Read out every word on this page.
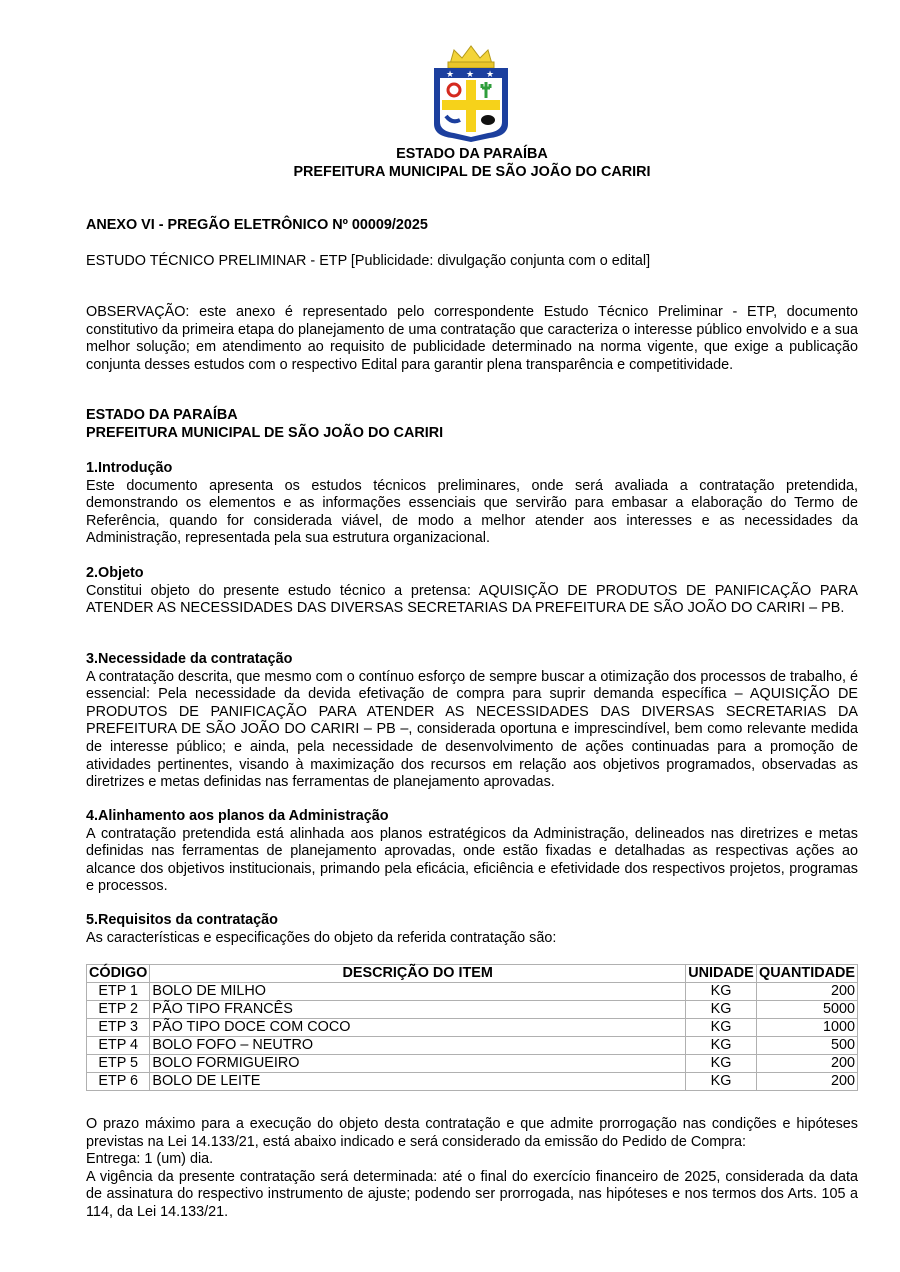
★ ★ ★
ESTADO DA PARAÍBA
PREFEITURA MUNICIPAL DE SÃO JOÃO DO CARIRI
ANEXO VI - PREGÃO ELETRÔNICO Nº 00009/2025
ESTUDO TÉCNICO PRELIMINAR - ETP [Publicidade: divulgação conjunta com o edital]
OBSERVAÇÃO: este anexo é representado pelo correspondente Estudo Técnico Preliminar - ETP, documento constitutivo da primeira etapa do planejamento de uma contratação que caracteriza o interesse público envolvido e a sua melhor solução; em atendimento ao requisito de publicidade determinado na norma vigente, que exige a publicação conjunta desses estudos com o respectivo Edital para garantir plena transparência e competitividade.
ESTADO DA PARAÍBA
PREFEITURA MUNICIPAL DE SÃO JOÃO DO CARIRI
1.Introdução
Este documento apresenta os estudos técnicos preliminares, onde será avaliada a contratação pretendida, demonstrando os elementos e as informações essenciais que servirão para embasar a elaboração do Termo de Referência, quando for considerada viável, de modo a melhor atender aos interesses e as necessidades da Administração, representada pela sua estrutura organizacional.
2.Objeto
Constitui objeto do presente estudo técnico a pretensa: AQUISIÇÃO DE PRODUTOS DE PANIFICAÇÃO PARA ATENDER AS NECESSIDADES DAS DIVERSAS SECRETARIAS DA PREFEITURA DE SÃO JOÃO DO CARIRI – PB.
3.Necessidade da contratação
A contratação descrita, que mesmo com o contínuo esforço de sempre buscar a otimização dos processos de trabalho, é essencial: Pela necessidade da devida efetivação de compra para suprir demanda específica – AQUISIÇÃO DE PRODUTOS DE PANIFICAÇÃO PARA ATENDER AS NECESSIDADES DAS DIVERSAS SECRETARIAS DA PREFEITURA DE SÃO JOÃO DO CARIRI – PB –, considerada oportuna e imprescindível, bem como relevante medida de interesse público; e ainda, pela necessidade de desenvolvimento de ações continuadas para a promoção de atividades pertinentes, visando à maximização dos recursos em relação aos objetivos programados, observadas as diretrizes e metas definidas nas ferramentas de planejamento aprovadas.
4.Alinhamento aos planos da Administração
A contratação pretendida está alinhada aos planos estratégicos da Administração, delineados nas diretrizes e metas definidas nas ferramentas de planejamento aprovadas, onde estão fixadas e detalhadas as respectivas ações ao alcance dos objetivos institucionais, primando pela eficácia, eficiência e efetividade dos respectivos projetos, programas e processos.
5.Requisitos da contratação
As características e especificações do objeto da referida contratação são:
CÓDIGO	DESCRIÇÃO DO ITEM	UNIDADE	QUANTIDADE
ETP 1	BOLO DE MILHO	KG	200
ETP 2	PÃO TIPO FRANCÊS	KG	5000
ETP 3	PÃO TIPO DOCE COM COCO	KG	1000
ETP 4	BOLO FOFO – NEUTRO	KG	500
ETP 5	BOLO FORMIGUEIRO	KG	200
ETP 6	BOLO DE LEITE	KG	200
O prazo máximo para a execução do objeto desta contratação e que admite prorrogação nas condições e hipóteses previstas na Lei 14.133/21, está abaixo indicado e será considerado da emissão do Pedido de Compra:
Entrega: 1 (um) dia.
A vigência da presente contratação será determinada: até o final do exercício financeiro de 2025, considerada da data de assinatura do respectivo instrumento de ajuste; podendo ser prorrogada, nas hipóteses e nos termos dos Arts. 105 a 114, da Lei 14.133/21.
